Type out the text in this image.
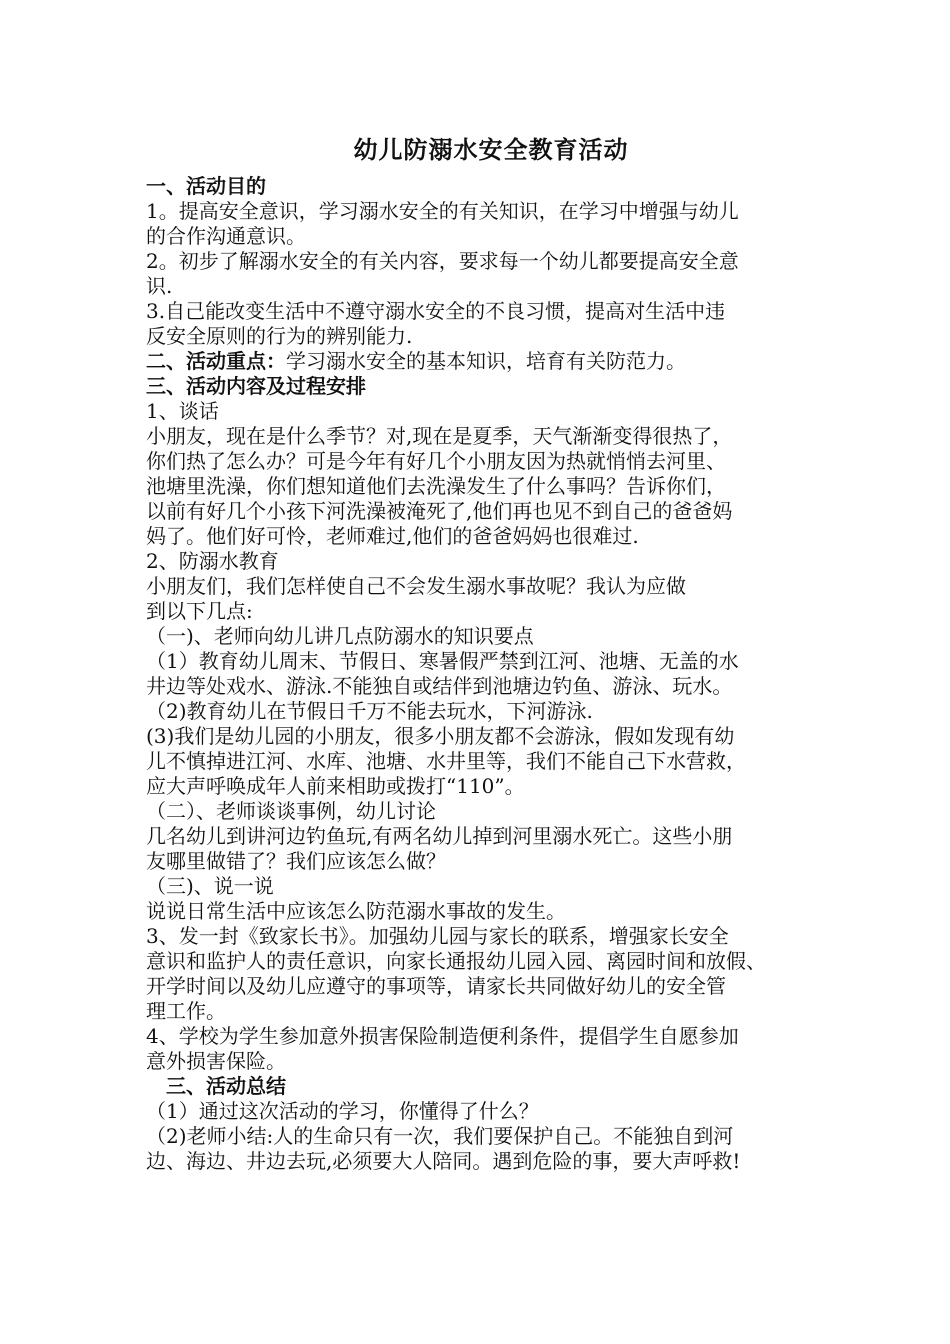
幼儿防溺水安全教育活动
一、活动目的
1。提高安全意识，学习溺水安全的有关知识，在学习中增强与幼儿
的合作沟通意识。
2。初步了解溺水安全的有关内容，要求每一个幼儿都要提高安全意
识.
3.自己能改变生活中不遵守溺水安全的不良习惯，提高对生活中违
反安全原则的行为的辨别能力.
二、活动重点：学习溺水安全的基本知识，培育有关防范力。
三、活动内容及过程安排
1、谈话
小朋友，现在是什么季节？对,现在是夏季，天气渐渐变得很热了，
你们热了怎么办？可是今年有好几个小朋友因为热就悄悄去河里、
池塘里洗澡，你们想知道他们去洗澡发生了什么事吗？告诉你们，
以前有好几个小孩下河洗澡被淹死了,他们再也见不到自己的爸爸妈
妈了。他们好可怜，老师难过,他们的爸爸妈妈也很难过.
2、防溺水教育
小朋友们，我们怎样使自己不会发生溺水事故呢？我认为应做
到以下几点:
（一)、老师向幼儿讲几点防溺水的知识要点
（1）教育幼儿周末、节假日、寒暑假严禁到江河、池塘、无盖的水
井边等处戏水、游泳.不能独自或结伴到池塘边钓鱼、游泳、玩水。
（2)教育幼儿在节假日千万不能去玩水，下河游泳.
(3)我们是幼儿园的小朋友，很多小朋友都不会游泳，假如发现有幼
儿不慎掉进江河、水库、池塘、水井里等，我们不能自己下水营救，
应大声呼唤成年人前来相助或拨打“110”。
（二）、老师谈谈事例，幼儿讨论
几名幼儿到讲河边钓鱼玩,有两名幼儿掉到河里溺水死亡。这些小朋
友哪里做错了？我们应该怎么做？
（三)、说一说
说说日常生活中应该怎么防范溺水事故的发生。
3、发一封《致家长书》。加强幼儿园与家长的联系，增强家长安全
意识和监护人的责任意识，向家长通报幼儿园入园、离园时间和放假、
开学时间以及幼儿应遵守的事项等，请家长共同做好幼儿的安全管
理工作。
4、学校为学生参加意外损害保险制造便利条件，提倡学生自愿参加
意外损害保险。
三、活动总结
（1）通过这次活动的学习，你懂得了什么？
（2)老师小结:人的生命只有一次，我们要保护自己。不能独自到河
边、海边、井边去玩,必须要大人陪同。遇到危险的事，要大声呼救!
